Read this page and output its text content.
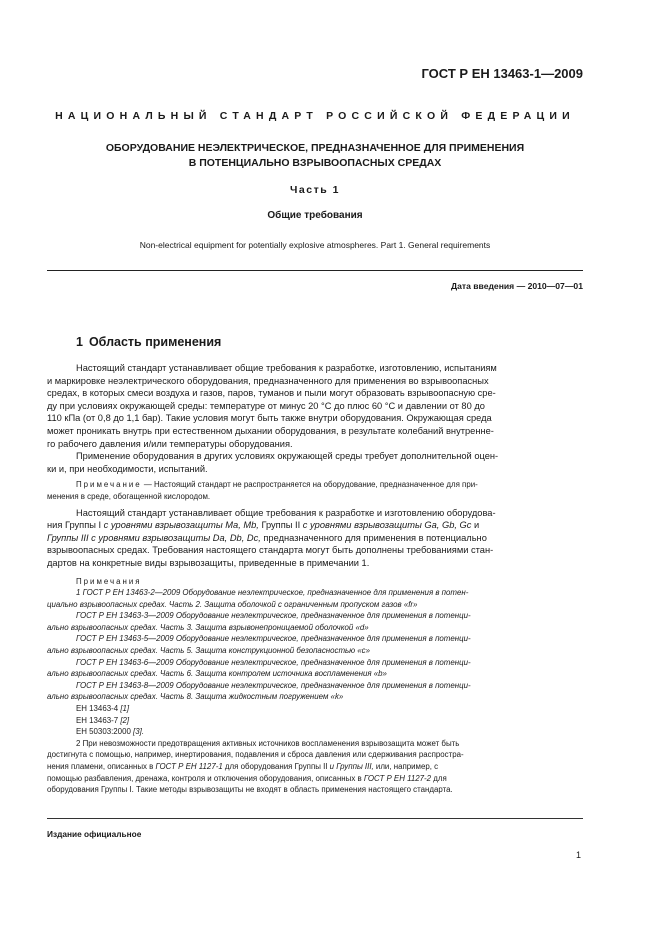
ГОСТ Р ЕН 13463-1—2009
НАЦИОНАЛЬНЫЙ СТАНДАРТ РОССИЙСКОЙ ФЕДЕРАЦИИ
ОБОРУДОВАНИЕ НЕЭЛЕКТРИЧЕСКОЕ, ПРЕДНАЗНАЧЕННОЕ ДЛЯ ПРИМЕНЕНИЯ
В ПОТЕНЦИАЛЬНО ВЗРЫВООПАСНЫХ СРЕДАХ
Часть 1
Общие требования
Non-electrical equipment for potentially explosive atmospheres. Part 1. General requirements
Дата введения — 2010—07—01
1 Область применения

Настоящий стандарт устанавливает общие требования к разработке, изготовлению, испытаниям

и маркировке неэлектрического оборудования, предназначенного для применения во взрывоопасных

средах, в которых смеси воздуха и газов, паров, туманов и пыли могут образовать взрывоопасную сре-

ду при условиях окружающей среды: температуре от минус 20 °C до плюс 60 °C и давлении от 80 до

110 кПа (от 0,8 до 1,1 бар). Такие условия могут быть также внутри оборудования. Окружающая среда

может проникать внутрь при естественном дыхании оборудования, в результате колебаний внутренне-

го рабочего давления и/или температуры оборудования.

Применение оборудования в других условиях окружающей среды требует дополнительной оцен-

ки и, при необходимости, испытаний.

Примечание — Настоящий стандарт не распространяется на оборудование, предназначенное для при-

менения в среде, обогащенной кислородом.

Настоящий стандарт устанавливает общие требования к разработке и изготовлению оборудова-

ния Группы I с уровнями взрывозащиты Ma, Mb, Группы II с уровнями взрывозащиты Ga, Gb, Gc и

Группы III с уровнями взрывозащиты Da, Db, Dc, предназначенного для применения в потенциально

взрывоопасных средах. Требования настоящего стандарта могут быть дополнены требованиями стан-

дартов на конкретные виды взрывозащиты, приведенные в примечании 1.

Примечания

1 ГОСТ Р ЕН 13463-2—2009 Оборудование неэлектрическое, предназначенное для применения в потен-

циально взрывоопасных средах. Часть 2. Защита оболочкой с ограниченным пропуском газов «fr»

ГОСТ Р ЕН 13463-3—2009 Оборудование неэлектрическое, предназначенное для применения в потенци-

ально взрывоопасных средах. Часть 3. Защита взрывонепроницаемой оболочкой «d»

ГОСТ Р ЕН 13463-5—2009 Оборудование неэлектрическое, предназначенное для применения в потенци-

ально взрывоопасных средах. Часть 5. Защита конструкционной безопасностью «c»

ГОСТ Р ЕН 13463-6—2009 Оборудование неэлектрическое, предназначенное для применения в потенци-

ально взрывоопасных средах. Часть 6. Защита контролем источника воспламенения «b»

ГОСТ Р ЕН 13463-8—2009 Оборудование неэлектрическое, предназначенное для применения в потенци-

ально взрывоопасных средах. Часть 8. Защита жидкостным погружением «k»

ЕН 13463-4 [1]

ЕН 13463-7 [2]

ЕН 50303:2000 [3].

2 При невозможности предотвращения активных источников воспламенения взрывозащита может быть

достигнута с помощью, например, инертирования, подавления и сброса давления или сдерживания распростра-

нения пламени, описанных в ГОСТ Р ЕН 1127-1 для оборудования Группы II и Группы III, или, например, с

помощью разбавления, дренажа, контроля и отключения оборудования, описанных в ГОСТ Р ЕН 1127-2 для

оборудования Группы I. Такие методы взрывозащиты не входят в область применения настоящего стандарта.

Издание официальное
1
